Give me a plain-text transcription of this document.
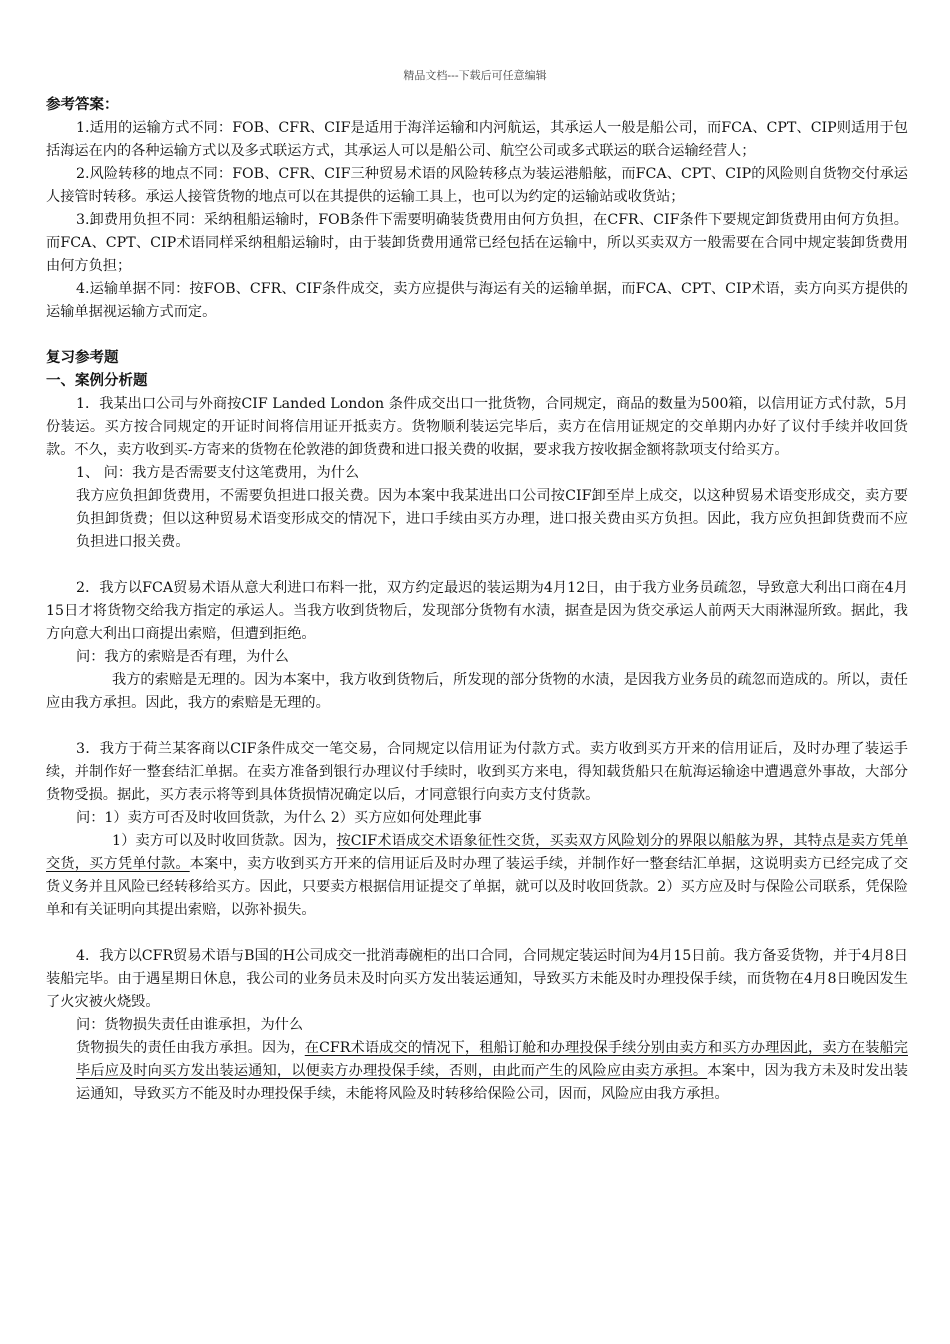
精品文档---下载后可任意编辑

参考答案：

1.适用的运输方式不同：FOB、CFR、CIF是适用于海洋运输和内河航运，其承运人一般是船公司，而FCA、CPT、CIP则适用于包括海运在内的各种运输方式以及多式联运方式，其承运人可以是船公司、航空公司或多式联运的联合运输经营人；

2.风险转移的地点不同：FOB、CFR、CIF三种贸易术语的风险转移点为装运港船舷，而FCA、CPT、CIP的风险则自货物交付承运人接管时转移。承运人接管货物的地点可以在其提供的运输工具上，也可以为约定的运输站或收货站；

3.卸费用负担不同：采纳租船运输时，FOB条件下需要明确装货费用由何方负担，在CFR、CIF条件下要规定卸货费用由何方负担。而FCA、CPT、CIP术语同样采纳租船运输时，由于装卸货费用通常已经包括在运输中，所以买卖双方一般需要在合同中规定装卸货费用由何方负担；

4.运输单据不同：按FOB、CFR、CIF条件成交，卖方应提供与海运有关的运输单据，而FCA、CPT、CIP术语，卖方向买方提供的运输单据视运输方式而定。

复习参考题

一、案例分析题

1．我某出口公司与外商按CIF Landed London 条件成交出口一批货物，合同规定，商品的数量为500箱，以信用证方式付款，5月份装运。买方按合同规定的开证时间将信用证开抵卖方。货物顺利装运完毕后，卖方在信用证规定的交单期内办好了议付手续并收回货款。不久，卖方收到买-方寄来的货物在伦敦港的卸货费和进口报关费的收据，要求我方按收据金额将款项支付给买方。

1、 问：我方是否需要支付这笔费用，为什么

我方应负担卸货费用，不需要负担进口报关费。因为本案中我某进出口公司按CIF卸至岸上成交，以这种贸易术语变形成交，卖方要负担卸货费；但以这种贸易术语变形成交的情况下，进口手续由买方办理，进口报关费由买方负担。因此，我方应负担卸货费而不应负担进口报关费。

2．我方以FCA贸易术语从意大利进口布料一批，双方约定最迟的装运期为4月12日，由于我方业务员疏忽，导致意大利出口商在4月15日才将货物交给我方指定的承运人。当我方收到货物后，发现部分货物有水渍，据查是因为货交承运人前两天大雨淋湿所致。据此，我方向意大利出口商提出索赔，但遭到拒绝。

问：我方的索赔是否有理，为什么

我方的索赔是无理的。因为本案中，我方收到货物后，所发现的部分货物的水渍，是因我方业务员的疏忽而造成的。所以，责任应由我方承担。因此，我方的索赔是无理的。

3．我方于荷兰某客商以CIF条件成交一笔交易，合同规定以信用证为付款方式。卖方收到买方开来的信用证后，及时办理了装运手续，并制作好一整套结汇单据。在卖方准备到银行办理议付手续时，收到买方来电，得知载货船只在航海运输途中遭遇意外事故，大部分货物受损。据此，买方表示将等到具体货损情况确定以后，才同意银行向卖方支付货款。

问：1）卖方可否及时收回货款，为什么 2）买方应如何处理此事

1）卖方可以及时收回货款。因为，按CIF术语成交术语象征性交货，买卖双方风险划分的界限以船舷为界，其特点是卖方凭单交货，买方凭单付款。本案中，卖方收到买方开来的信用证后及时办理了装运手续，并制作好一整套结汇单据，这说明卖方已经完成了交货义务并且风险已经转移给买方。因此，只要卖方根据信用证提交了单据，就可以及时收回货款。2）买方应及时与保险公司联系，凭保险单和有关证明向其提出索赔，以弥补损失。

4．我方以CFR贸易术语与B国的H公司成交一批消毒碗柜的出口合同，合同规定装运时间为4月15日前。我方备妥货物，并于4月8日装船完毕。由于遇星期日休息，我公司的业务员未及时向买方发出装运通知，导致买方未能及时办理投保手续，而货物在4月8日晚因发生了火灾被火烧毁。

问：货物损失责任由谁承担，为什么

货物损失的责任由我方承担。因为，在CFR术语成交的情况下，租船订舱和办理投保手续分别由卖方和买方办理因此，卖方在装船完毕后应及时向买方发出装运通知，以便卖方办理投保手续，否则，由此而产生的风险应由卖方承担。本案中，因为我方未及时发出装运通知，导致买方不能及时办理投保手续，未能将风险及时转移给保险公司，因而，风险应由我方承担。
